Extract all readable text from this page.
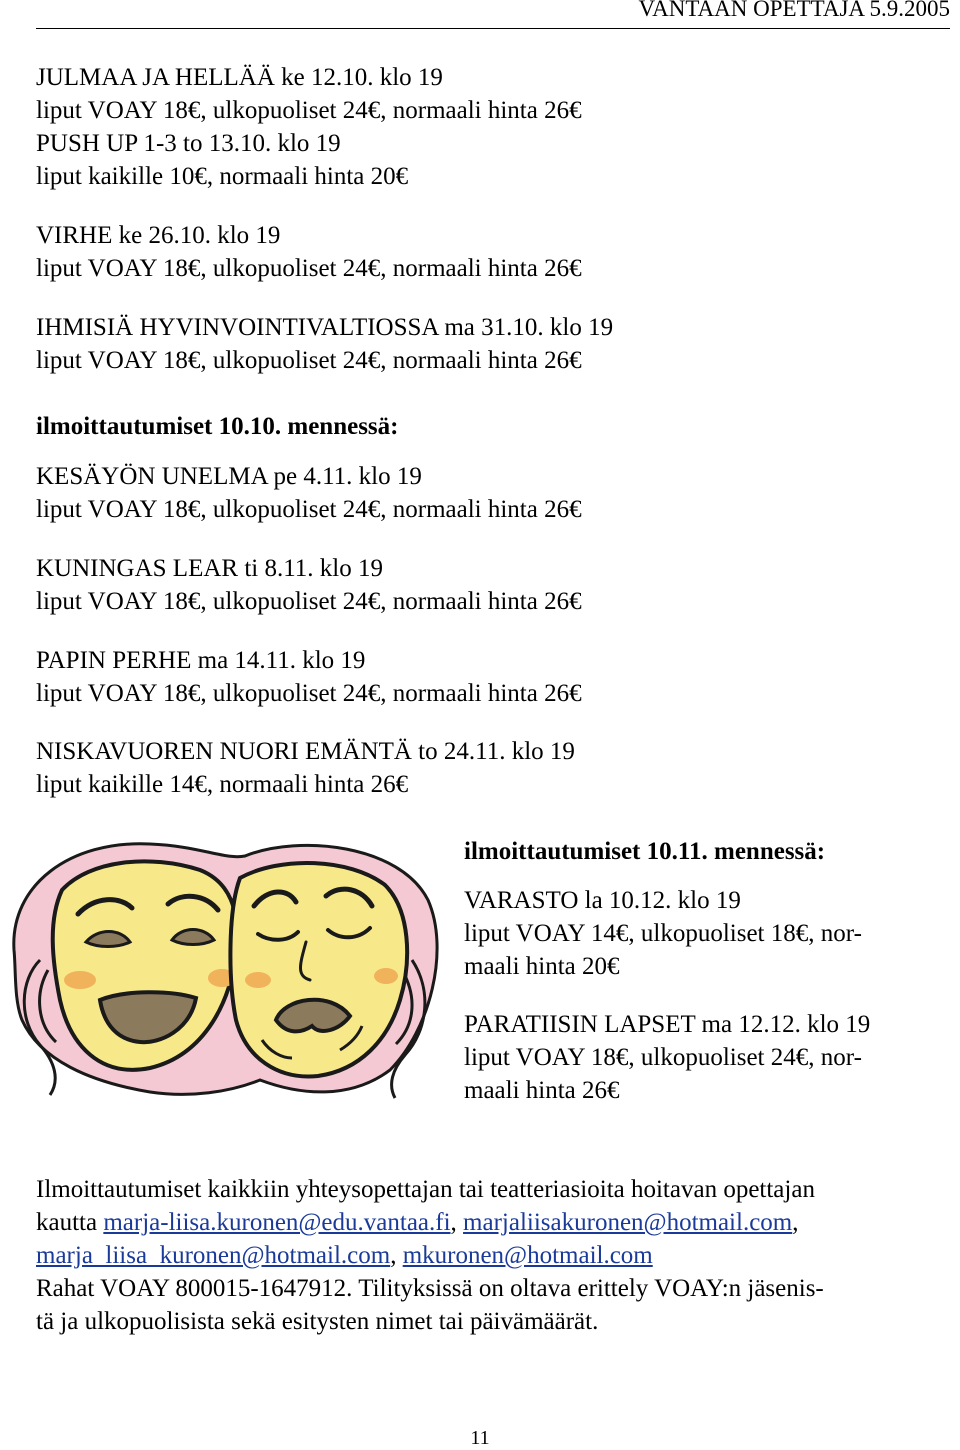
VANTAAN OPETTAJA 5.9.2005
JULMAA JA HELLÄÄ ke 12.10. klo 19
liput VOAY 18€, ulkopuoliset 24€, normaali hinta 26€
PUSH UP 1-3 to 13.10. klo 19
liput kaikille 10€, normaali hinta 20€
VIRHE ke 26.10. klo 19
liput VOAY 18€, ulkopuoliset 24€, normaali hinta 26€
IHMISIÄ HYVINVOINTIVALTIOSSA ma 31.10. klo 19
liput VOAY 18€, ulkopuoliset 24€, normaali hinta 26€
ilmoittautumiset 10.10. mennessä:
KESÄYÖN UNELMA pe 4.11. klo 19
liput VOAY 18€, ulkopuoliset 24€, normaali hinta 26€
KUNINGAS LEAR ti 8.11. klo 19
liput VOAY 18€, ulkopuoliset 24€, normaali hinta 26€
PAPIN PERHE ma 14.11. klo 19
liput VOAY 18€, ulkopuoliset 24€, normaali hinta 26€
NISKAVUOREN NUORI EMÄNTÄ to 24.11. klo 19
liput kaikille 14€, normaali hinta 26€
ilmoittautumiset 10.11. mennessä:
VARASTO la 10.12. klo 19
liput VOAY 14€, ulkopuoliset 18€, nor-
maali hinta 20€
PARATIISIN LAPSET ma 12.12. klo 19
liput VOAY 18€, ulkopuoliset 24€, nor-
maali hinta 26€
Ilmoittautumiset kaikkiin yhteysopettajan tai teatteriasioita hoitavan opettajan
kautta marja-liisa.kuronen@edu.vantaa.fi, marjaliisakuronen@hotmail.com,
marja_liisa_kuronen@hotmail.com, mkuronen@hotmail.com
Rahat VOAY 800015-1647912. Tilityksissä on oltava erittely VOAY:n jäsenis-
tä ja ulkopuolisista sekä esitysten nimet tai päivämäärät.
11
